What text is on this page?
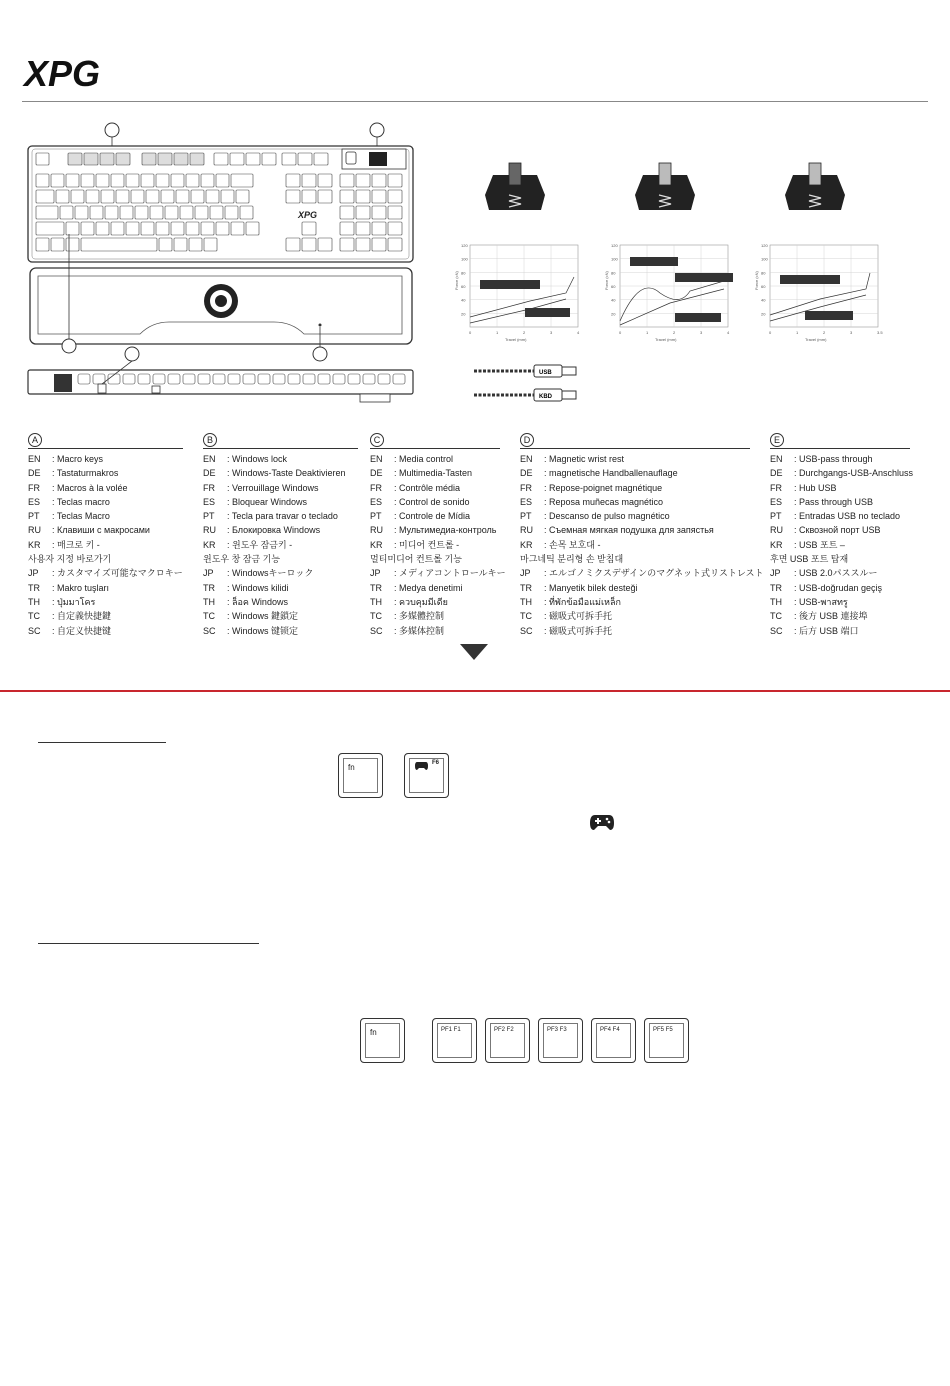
XPG
XPG
120
100
80
60
40
20
0	1	2	3	4
Travel (mm)
Force (cN)
120
100
80
60
40
20
0	1	2	3	4
Travel (mm)
Force (cN)
120
100
80
60
40
20
0	1	2	3	3.5
Travel (mm)
Force (cN)
USB
KBD
A
EN : Macro keys
DE : Tastaturmakros
FR : Macros à la volée
ES : Teclas macro
PT : Teclas Macro
RU : Клавиши с макросами
KR : 매크로 키 -
사용자 지정 바로가기
JP : カスタマイズ可能なマクロキー
TR : Makro tuşları
TH : ปุ่มมาโคร
TC : 自定義快捷鍵
SC : 自定义快捷键
B
EN : Windows lock
DE : Windows-Taste Deaktivieren
FR : Verrouillage Windows
ES : Bloquear Windows
PT : Tecla para travar o teclado
RU : Блокировка Windows
KR : 윈도우 잠금키 -
윈도우 창 잠금 기능
JP : Windowsキーロック
TR : Windows kilidi
TH : ล็อค Windows
TC : Windows 鍵鎖定
SC : Windows 键锁定
C
EN : Media control
DE : Multimedia-Tasten
FR : Contrôle média
ES : Control de sonido
PT : Controle de Mídia
RU : Мультимедиа-контроль
KR : 미디어 컨트롤 -
멀티미디어 컨트롤 기능
JP : メディアコントロールキー
TR : Medya denetimi
TH : ควบคุมมีเดีย
TC : 多媒體控制
SC : 多媒体控制
D
EN : Magnetic wrist rest
DE : magnetische Handballenauflage
FR : Repose-poignet magnétique
ES : Reposa muñecas magnético
PT : Descanso de pulso magnético
RU : Съемная мягкая подушка для запястья
KR : 손목 보호대 -
마그네틱 분리형 손 받침대
JP : エルゴノミクスデザインのマグネット式リストレスト
TR : Manyetik bilek desteği
TH : ที่พักข้อมือแม่เหล็ก
TC : 磁吸式可拆手托
SC : 磁吸式可拆手托
E
EN : USB-pass through
DE : Durchgangs-USB-Anschluss
FR : Hub USB
ES : Pass through USB
PT : Entradas USB no teclado
RU : Сквозной порт USB
KR : USB 포트 –
후면 USB 포트 탑재
JP : USB 2.0パススルー
TR : USB-doğrudan geçiş
TH : USB-พาสทรู
TC : 後方 USB 連接埠
SC : 后方 USB 端口
fn	F6
fn	PF1 F1	PF2 F2	PF3 F3	PF4 F4	PF5 F5
